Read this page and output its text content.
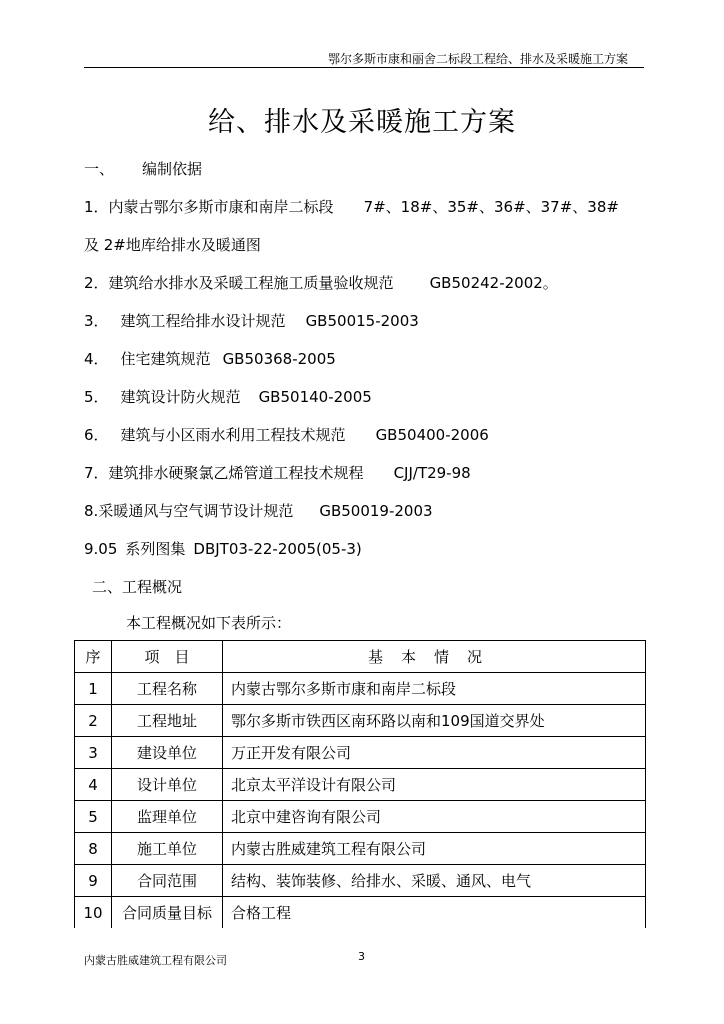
鄂尔多斯市康和丽舍二标段工程给、排水及采暖施工方案
给、排水及采暖施工方案
一、 编制依据
1．内蒙古鄂尔多斯市康和南岸二标段 7#、18#、35#、36#、37#、38#
及 2#地库给排水及暖通图
2．建筑给水排水及采暖工程施工质量验收规范 GB50242-2002。
3． 建筑工程给排水设计规范 GB50015-2003
4． 住宅建筑规范 GB50368-2005
5． 建筑设计防火规范 GB50140-2005
6． 建筑与小区雨水利用工程技术规范 GB50400-2006
7．建筑排水硬聚氯乙烯管道工程技术规程 CJJ/T29-98
8.采暖通风与空气调节设计规范 GB50019-2003
9.05 系列图集 DBJT03-22-2005(05-3)
二、工程概况
本工程概况如下表所示：
序	项　目	基本情况
1	工程名称	内蒙古鄂尔多斯市康和南岸二标段
2	工程地址	鄂尔多斯市铁西区南环路以南和109国道交界处
3	建设单位	万正开发有限公司
4	设计单位	北京太平洋设计有限公司
5	监理单位	北京中建咨询有限公司
8	施工单位	内蒙古胜威建筑工程有限公司
9	合同范围	结构、装饰装修、给排水、采暖、通风、电气
10	合同质量目标	合格工程
内蒙古胜威建筑工程有限公司	3
